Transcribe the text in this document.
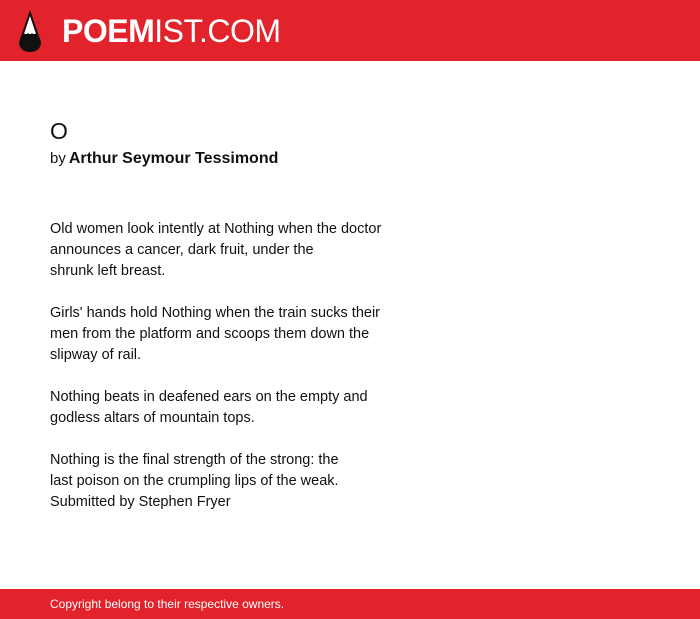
POEMIST.COM
O
by Arthur Seymour Tessimond
Old women look intently at Nothing when the doctor
announces a cancer, dark fruit, under the
shrunk left breast.
Girls' hands hold Nothing when the train sucks their
men from the platform and scoops them down the
slipway of rail.
Nothing beats in deafened ears on the empty and
godless altars of mountain tops.
Nothing is the final strength of the strong: the
last poison on the crumpling lips of the weak.
Submitted by Stephen Fryer
Copyright belong to their respective owners.
